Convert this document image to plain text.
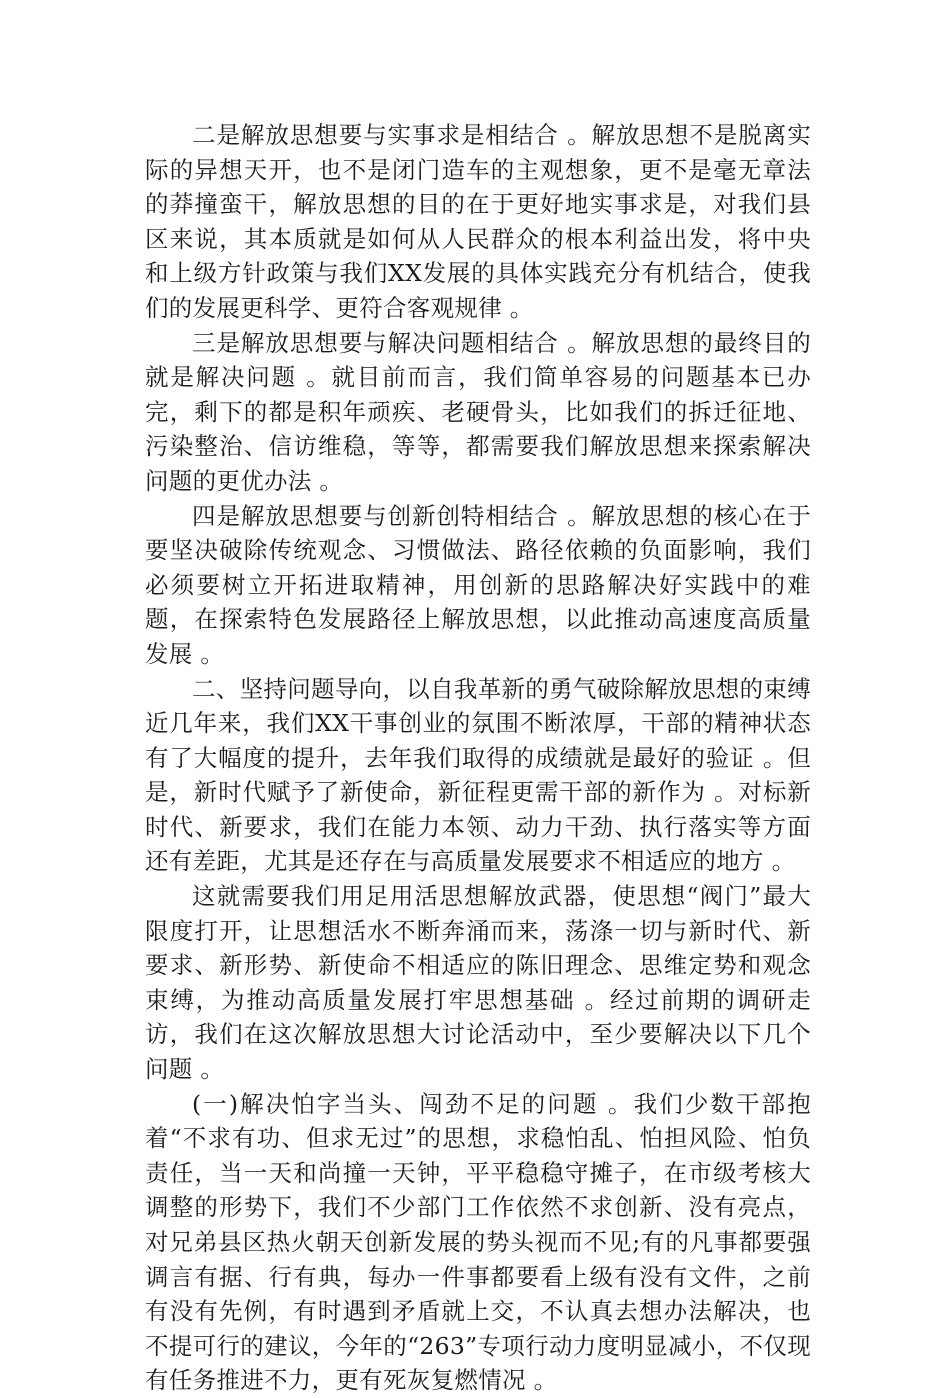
二是解放思想要与实事求是相结合 。解放思想不是脱离实际的异想天开，也不是闭门造车的主观想象，更不是毫无章法的莽撞蛮干，解放思想的目的在于更好地实事求是，对我们县区来说，其本质就是如何从人民群众的根本利益出发，将中央和上级方针政策与我们XX发展的具体实践充分有机结合，使我们的发展更科学、更符合客观规律 。

三是解放思想要与解决问题相结合 。解放思想的最终目的就是解决问题 。就目前而言，我们简单容易的问题基本已办完，剩下的都是积年顽疾、老硬骨头，比如我们的拆迁征地、污染整治、信访维稳，等等，都需要我们解放思想来探索解决问题的更优办法 。

四是解放思想要与创新创特相结合 。解放思想的核心在于要坚决破除传统观念、习惯做法、路径依赖的负面影响，我们必须要树立开拓进取精神，用创新的思路解决好实践中的难题，在探索特色发展路径上解放思想，以此推动高速度高质量发展 。

二、坚持问题导向，以自我革新的勇气破除解放思想的束缚近几年来，我们XX干事创业的氛围不断浓厚，干部的精神状态有了大幅度的提升，去年我们取得的成绩就是最好的验证 。但是，新时代赋予了新使命，新征程更需干部的新作为 。对标新时代、新要求，我们在能力本领、动力干劲、执行落实等方面还有差距，尤其是还存在与高质量发展要求不相适应的地方 。

这就需要我们用足用活思想解放武器，使思想“阀门”最大限度打开，让思想活水不断奔涌而来，荡涤一切与新时代、新要求、新形势、新使命不相适应的陈旧理念、思维定势和观念束缚，为推动高质量发展打牢思想基础 。经过前期的调研走访，我们在这次解放思想大讨论活动中，至少要解决以下几个问题 。

(一)解决怕字当头、闯劲不足的问题 。我们少数干部抱着“不求有功、但求无过”的思想，求稳怕乱、怕担风险、怕负责任，当一天和尚撞一天钟，平平稳稳守摊子，在市级考核大调整的形势下，我们不少部门工作依然不求创新、没有亮点，对兄弟县区热火朝天创新发展的势头视而不见;有的凡事都要强调言有据、行有典，每办一件事都要看上级有没有文件，之前有没有先例，有时遇到矛盾就上交，不认真去想办法解决，也不提可行的建议，今年的“263”专项行动力度明显减小，不仅现有任务推进不力，更有死灰复燃情况 。
